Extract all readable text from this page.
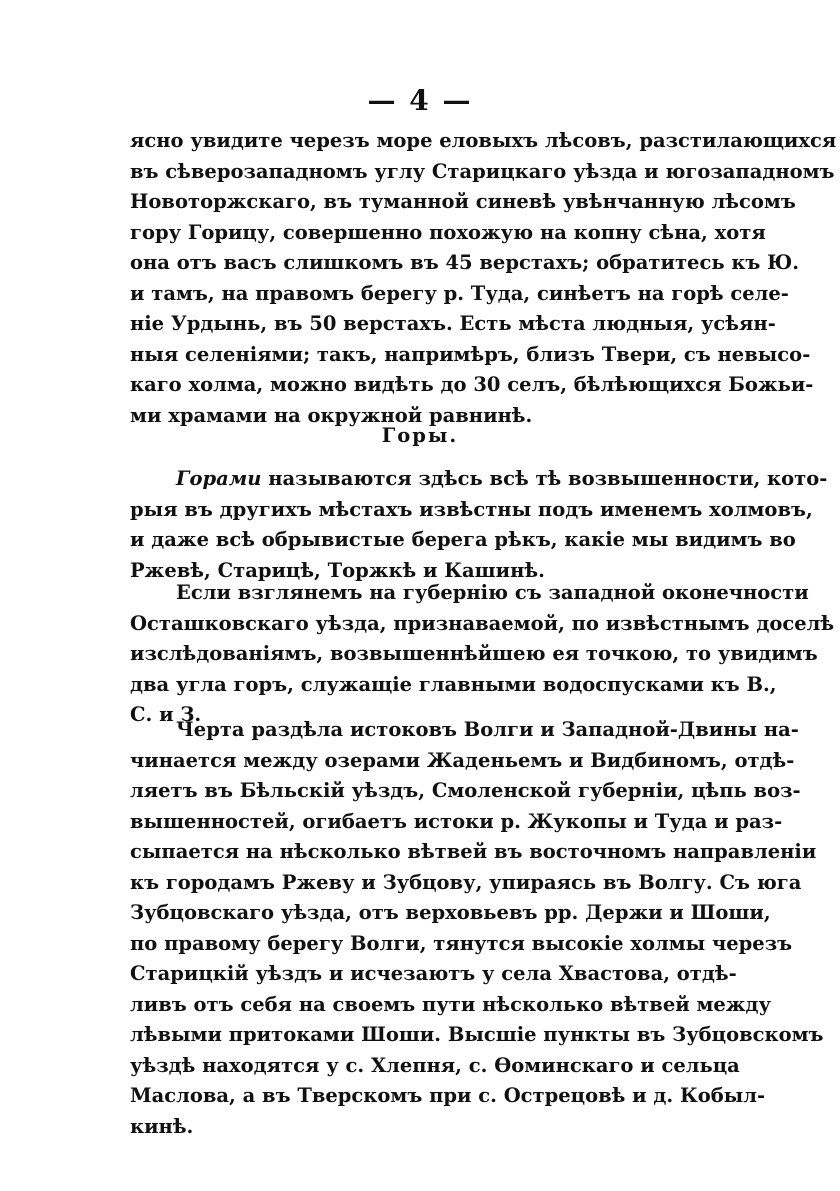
— 4 —
ясно увидите черезъ море еловыхъ лѣсовъ, разстилающихся
въ сѣверозападномъ углу Старицкаго уѣзда и югозападномъ
Новоторжскаго, въ туманной синевѣ увѣнчанную лѣсомъ
гору Горицу, совершенно похожую на копну сѣна, хотя
она отъ васъ слишкомъ въ 45 верстахъ; обратитесь къ Ю.
и тамъ, на правомъ берегу р. Туда, синѣетъ на горѣ селе-
ніе Урдынь, въ 50 верстахъ. Есть мѣста людныя, усѣян-
ныя селеніями; такъ, напримѣръ, близъ Твери, съ невысо-
каго холма, можно видѣть до 30 селъ, бѣлѣющихся Божьи-
ми храмами на окружной равнинѣ.
Горы.
Горами называются здѣсь всѣ тѣ возвышенности, кото-
рыя въ другихъ мѣстахъ извѣстны подъ именемъ холмовъ,
и даже всѣ обрывистые берега рѣкъ, какіе мы видимъ во
Ржевѣ, Старицѣ, Торжкѣ и Кашинѣ.
Если взглянемъ на губернію съ западной оконечности
Осташковскаго уѣзда, признаваемой, по извѣстнымъ доселѣ
изслѣдованіямъ, возвышеннѣйшею ея точкою, то увидимъ
два угла горъ, служащіе главными водоспусками къ В.,
С. и З.
Черта раздѣла истоковъ Волги и Западной-Двины на-
чинается между озерами Жаденьемъ и Видбиномъ, отдѣ-
ляетъ въ Бѣльскій уѣздъ, Смоленской губерніи, цѣпь воз-
вышенностей, огибаетъ истоки р. Жукопы и Туда и раз-
сыпается на нѣсколько вѣтвей въ восточномъ направленіи
къ городамъ Ржеву и Зубцову, упираясь въ Волгу. Съ юга
Зубцовскаго уѣзда, отъ верховьевъ рр. Держи и Шоши,
по правому берегу Волги, тянутся высокіе холмы черезъ
Старицкій уѣздъ и исчезаютъ у села Хвастова, отдѣ-
ливъ отъ себя на своемъ пути нѣсколько вѣтвей между
лѣвыми притоками Шоши. Высшіе пункты въ Зубцовскомъ
уѣздѣ находятся у с. Хлепня, с. Ѳоминскаго и сельца
Маслова, а въ Тверскомъ при с. Острецовѣ и д. Кобыл-
кинѣ.
